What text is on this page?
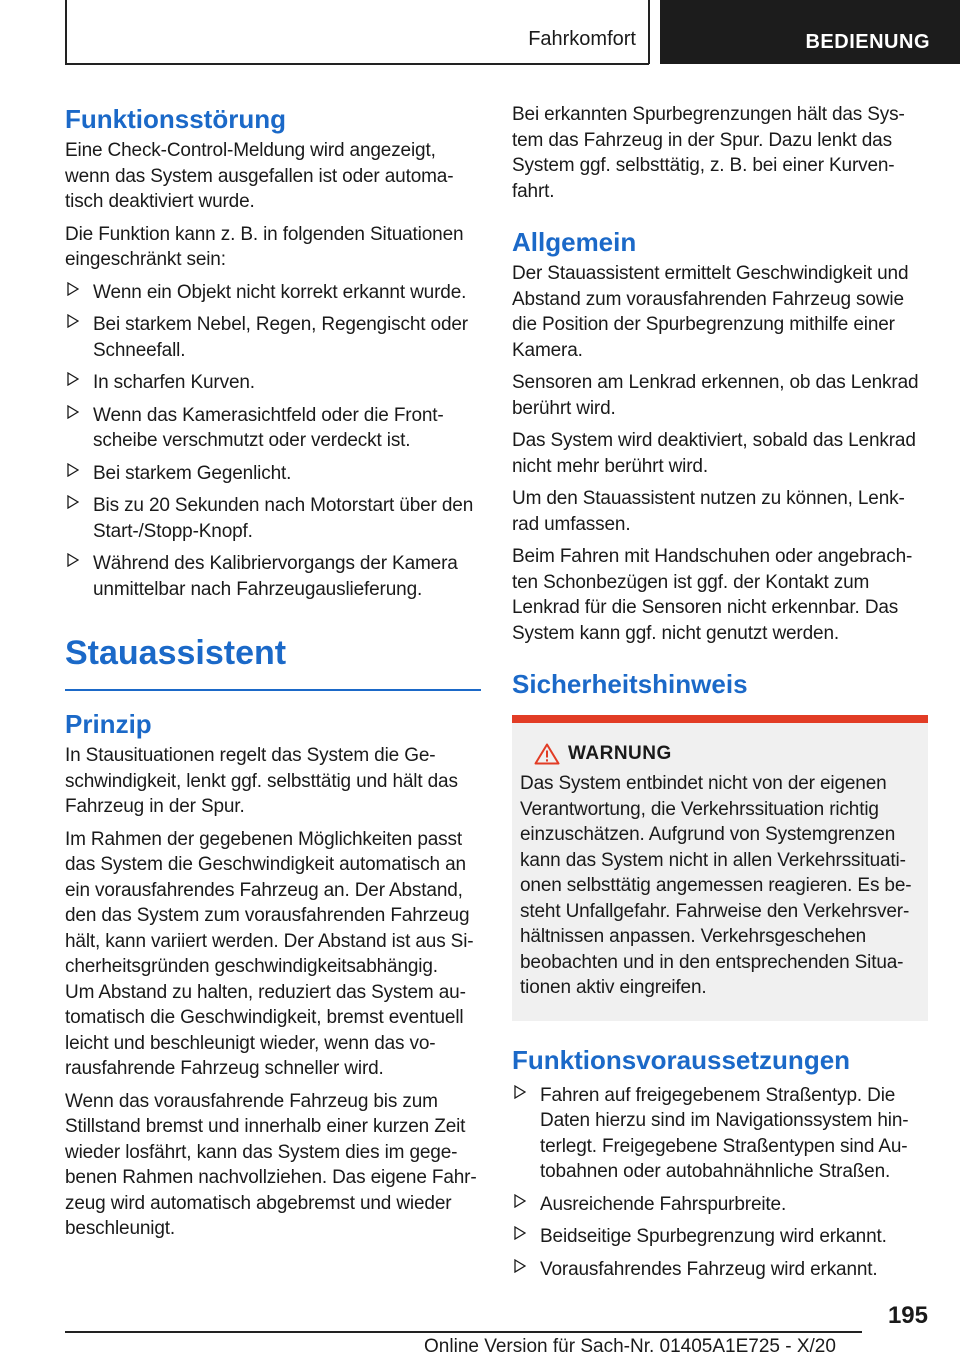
Fahrkomfort	BEDIENUNG
Funktionsstörung
Eine Check-Control-Meldung wird angezeigt, wenn das System ausgefallen ist oder automa-tisch deaktiviert wurde.
Die Funktion kann z. B. in folgenden Situationen eingeschränkt sein:
Wenn ein Objekt nicht korrekt erkannt wurde.
Bei starkem Nebel, Regen, Regengischt oder Schneefall.
In scharfen Kurven.
Wenn das Kamerasichtfeld oder die Front-scheibe verschmutzt oder verdeckt ist.
Bei starkem Gegenlicht.
Bis zu 20 Sekunden nach Motorstart über den Start-/Stopp-Knopf.
Während des Kalibriervorgangs der Kamera unmittelbar nach Fahrzeugauslieferung.
Stauassistent
Prinzip
In Stausituationen regelt das System die Ge-schwindigkeit, lenkt ggf. selbsttätig und hält das Fahrzeug in der Spur.
Im Rahmen der gegebenen Möglichkeiten passt das System die Geschwindigkeit automatisch an ein vorausfahrendes Fahrzeug an. Der Abstand, den das System zum vorausfahrenden Fahrzeug hält, kann variiert werden. Der Abstand ist aus Si-cherheitsgründen geschwindigkeitsabhängig.
Um Abstand zu halten, reduziert das System au-tomatisch die Geschwindigkeit, bremst eventuell leicht und beschleunigt wieder, wenn das vo-rausfahrende Fahrzeug schneller wird.
Wenn das vorausfahrende Fahrzeug bis zum Stillstand bremst und innerhalb einer kurzen Zeit wieder losfährt, kann das System dies im gege-benen Rahmen nachvollziehen. Das eigene Fahr-zeug wird automatisch abgebremst und wieder beschleunigt.
Bei erkannten Spurbegrenzungen hält das Sys-tem das Fahrzeug in der Spur. Dazu lenkt das System ggf. selbsttätig, z. B. bei einer Kurven-fahrt.
Allgemein
Der Stauassistent ermittelt Geschwindigkeit und Abstand zum vorausfahrenden Fahrzeug sowie die Position der Spurbegrenzung mithilfe einer Kamera.
Sensoren am Lenkrad erkennen, ob das Lenkrad berührt wird.
Das System wird deaktiviert, sobald das Lenkrad nicht mehr berührt wird.
Um den Stauassistent nutzen zu können, Lenk-rad umfassen.
Beim Fahren mit Handschuhen oder angebrach-ten Schonbezügen ist ggf. der Kontakt zum Lenkrad für die Sensoren nicht erkennbar. Das System kann ggf. nicht genutzt werden.
Sicherheitshinweis
WARNUNG
Das System entbindet nicht von der eigenen Verantwortung, die Verkehrssituation richtig einzuschätzen. Aufgrund von Systemgrenzen kann das System nicht in allen Verkehrssituati-onen selbsttätig angemessen reagieren. Es be-steht Unfallgefahr. Fahrweise den Verkehrsver-hältnissen anpassen. Verkehrsgeschehen beobachten und in den entsprechenden Situa-tionen aktiv eingreifen.
Funktionsvoraussetzungen
Fahren auf freigegebenem Straßentyp. Die Daten hierzu sind im Navigationssystem hin-terlegt. Freigegebene Straßentypen sind Au-tobahnen oder autobahnähnliche Straßen.
Ausreichende Fahrspurbreite.
Beidseitige Spurbegrenzung wird erkannt.
Vorausfahrendes Fahrzeug wird erkannt.
195
Online Version für Sach-Nr. 01405A1E725 - X/20
